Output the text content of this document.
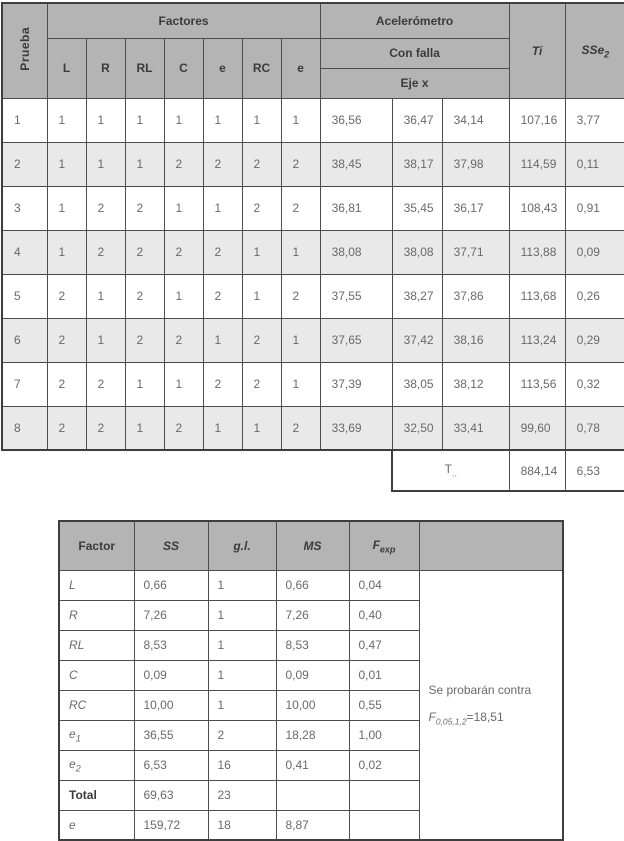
Prueba	Factores							Acelerómetro			Ti	SSe$_2$
	L	R	RL	C	e	RC	e	Con falla				
								Eje x				
1	1	1	1	1	1	1	1	36,56	36,47	34,14	107,16	3,77
2	1	1	1	2	2	2	2	38,45	38,17	37,98	114,59	0,11
3	1	2	2	1	1	2	2	36,81	35,45	36,17	108,43	0,91
4	1	2	2	2	2	1	1	38,08	38,08	37,71	113,88	0,09
5	2	1	2	1	2	1	2	37,55	38,27	37,86	113,68	0,26
6	2	1	2	2	1	2	1	37,65	37,42	38,16	113,24	0,29
7	2	2	1	1	2	2	1	37,39	38,05	38,12	113,56	0,32
8	2	2	1	2	1	1	2	33,69	32,50	33,41	99,60	0,78
									$T_{..}$		884,14	6,53
Factor	SS	g.l.	MS	$F_{exp}$	
L	0,66	1	0,66	0,04	Se probarán contra
$F_{0,05,1,2}=18,51$

R	7,26	1	7,26	0,40	
RL	8,53	1	8,53	0,47	
C	0,09	1	0,09	0,01	
RC	10,00	1	10,00	0,55	
$e_1$	36,55	2	18,28	1,00	
$e_2$	6,53	16	0,41	0,02	
Total	69,63	23			
e	159,72	18	8,87		
